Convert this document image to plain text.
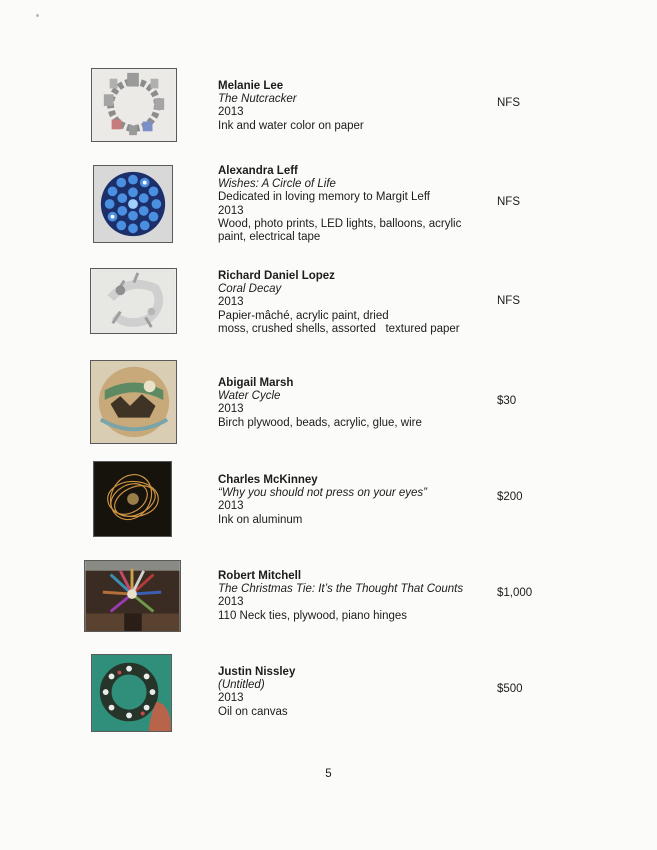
Melanie Lee
The Nutcracker
2013
Ink and water color on paper
NFS
Alexandra Leff
Wishes: A Circle of Life
Dedicated in loving memory to Margit Leff
2013
Wood, photo prints, LED lights, balloons, acrylic paint, electrical tape
NFS
Richard Daniel Lopez
Coral Decay
2013
Papier-mâché, acrylic paint, dried
moss, crushed shells, assorted   textured paper
NFS
Abigail Marsh
Water Cycle
2013
Birch plywood, beads, acrylic, glue, wire
$30
Charles McKinney
“Why you should not press on your eyes”
2013
Ink on aluminum
$200
Robert Mitchell
The Christmas Tie: It’s the Thought That Counts
2013
110 Neck ties, plywood, piano hinges
$1,000
Justin Nissley
(Untitled)
2013
Oil on canvas
$500
5
